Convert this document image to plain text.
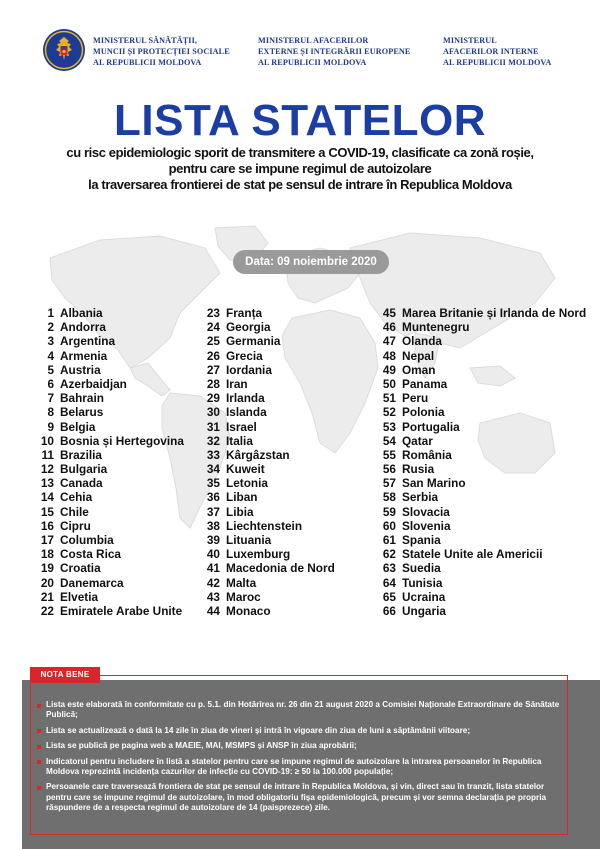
MINISTERUL SĂNĂTĂȚII,
MUNCII ȘI PROTECȚIEI SOCIALE
AL REPUBLICII MOLDOVA
MINISTERUL AFACERILOR
EXTERNE ȘI INTEGRĂRII EUROPENE
AL REPUBLICII MOLDOVA
MINISTERUL
AFACERILOR INTERNE
AL REPUBLICII MOLDOVA
LISTA STATELOR
cu risc epidemiologic sporit de transmitere a COVID-19, clasificate ca zonă roșie,
pentru care se impune regimul de autoizolare
la traversarea frontierei de stat pe sensul de intrare în Republica Moldova
Data: 09 noiembrie 2020
1 Albania
2 Andorra
3 Argentina
4 Armenia
5 Austria
6 Azerbaidjan
7 Bahrain
8 Belarus
9 Belgia
10 Bosnia și Hertegovina
11 Brazilia
12 Bulgaria
13 Canada
14 Cehia
15 Chile
16 Cipru
17 Columbia
18 Costa Rica
19 Croatia
20 Danemarca
21 Elvetia
22 Emiratele Arabe Unite
23 Franța
24 Georgia
25 Germania
26 Grecia
27 Iordania
28 Iran
29 Irlanda
30 Islanda
31 Israel
32 Italia
33 Kârgâzstan
34 Kuweit
35 Letonia
36 Liban
37 Libia
38 Liechtenstein
39 Lituania
40 Luxemburg
41 Macedonia de Nord
42 Malta
43 Maroc
44 Monaco
45 Marea Britanie și Irlanda de Nord
46 Muntenegru
47 Olanda
48 Nepal
49 Oman
50 Panama
51 Peru
52 Polonia
53 Portugalia
54 Qatar
55 România
56 Rusia
57 San Marino
58 Serbia
59 Slovacia
60 Slovenia
61 Spania
62 Statele Unite ale Americii
63 Suedia
64 Tunisia
65 Ucraina
66 Ungaria
NOTA BENE
Lista este elaborată în conformitate cu p. 5.1. din Hotărîrea nr. 26 din 21 august 2020 a Comisiei Naționale Extraordinare de Sănătate Publică;
Lista se actualizează o dată la 14 zile în ziua de vineri și intră în vigoare din ziua de luni a săptămânii viitoare;
Lista se publică pe pagina web a MAEIE, MAI, MSMPS și ANSP în ziua aprobării;
Indicatorul pentru includere în listă a statelor pentru care se impune regimul de autoizolare la intrarea persoanelor în Republica Moldova reprezintă incidența cazurilor de infecție cu COVID-19: ≥ 50 la 100.000 populație;
Persoanele care traversează frontiera de stat pe sensul de intrare în Republica Moldova, și vin, direct sau în tranzit, lista statelor pentru care se impune regimul de autoizolare, în mod obligatoriu fișa epidemiologică, precum și vor semna declarația pe propria răspundere de a respecta regimul de autoizolare de 14 (paisprezece) zile.
